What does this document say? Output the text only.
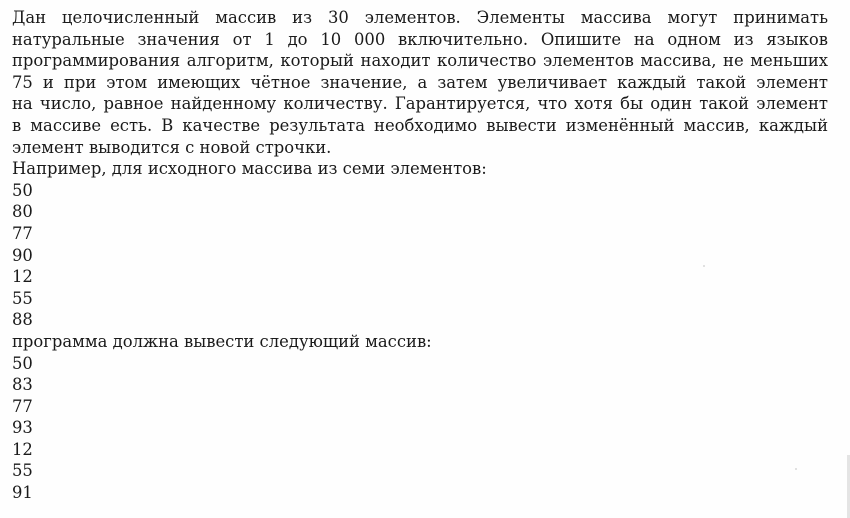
Дан целочисленный массив из 30 элементов. Элементы массива могут принимать
натуральные значения от 1 до 10 000 включительно. Опишите на одном из языков
программирования алгоритм, который находит количество элементов массива, не меньших
75 и при этом имеющих чётное значение, а затем увеличивает каждый такой элемент
на число, равное найденному количеству. Гарантируется, что хотя бы один такой элемент
в массиве есть. В качестве результата необходимо вывести изменённый массив, каждый
элемент выводится с новой строчки.
Например, для исходного массива из семи элементов:
50
80
77
90
12
55
88
программа должна вывести следующий массив:
50
83
77
93
12
55
91
